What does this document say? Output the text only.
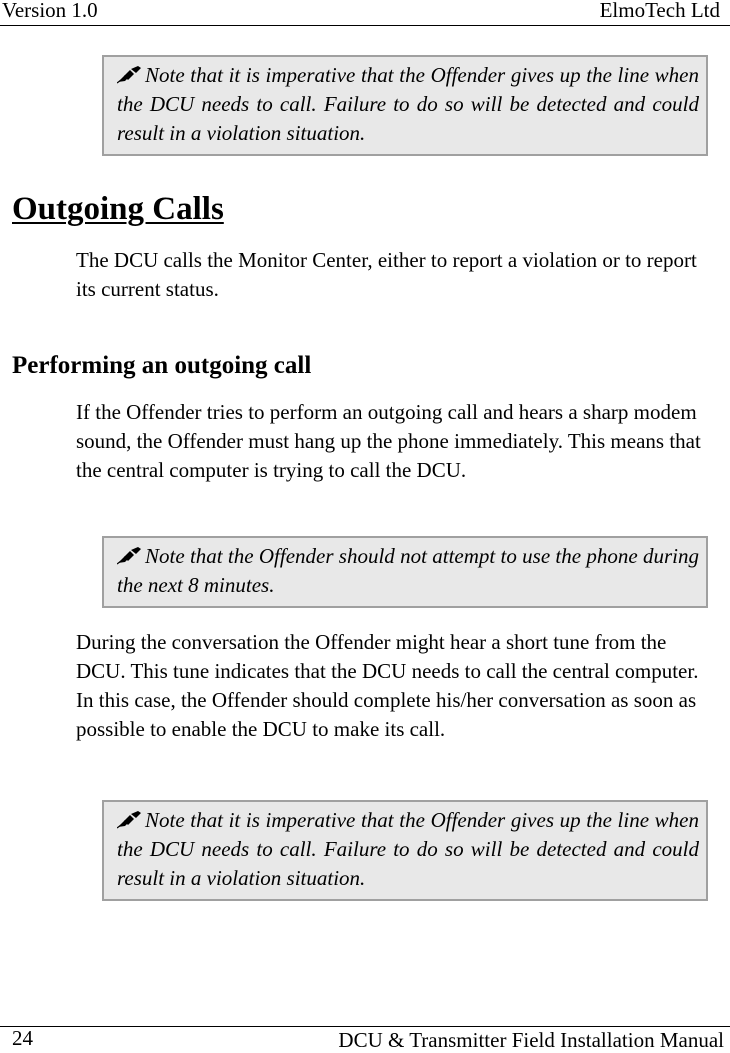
Version 1.0	ElmoTech Ltd
Note that it is imperative that the Offender gives up the line when the DCU needs to call. Failure to do so will be detected and could result in a violation situation.
Outgoing Calls

The DCU calls the Monitor Center, either to report a violation or to report its current status.

Performing an outgoing call

If the Offender tries to perform an outgoing call and hears a sharp modem sound, the Offender must hang up the phone immediately. This means that the central computer is trying to call the DCU.

Note that the Offender should not attempt to use the phone during the next 8 minutes.

During the conversation the Offender might hear a short tune from the DCU. This tune indicates that the DCU needs to call the central computer. In this case, the Offender should complete his/her conversation as soon as possible to enable the DCU to make its call.

Note that it is imperative that the Offender gives up the line when the DCU needs to call. Failure to do so will be detected and could result in a violation situation.
24	DCU & Transmitter Field Installation Manual
